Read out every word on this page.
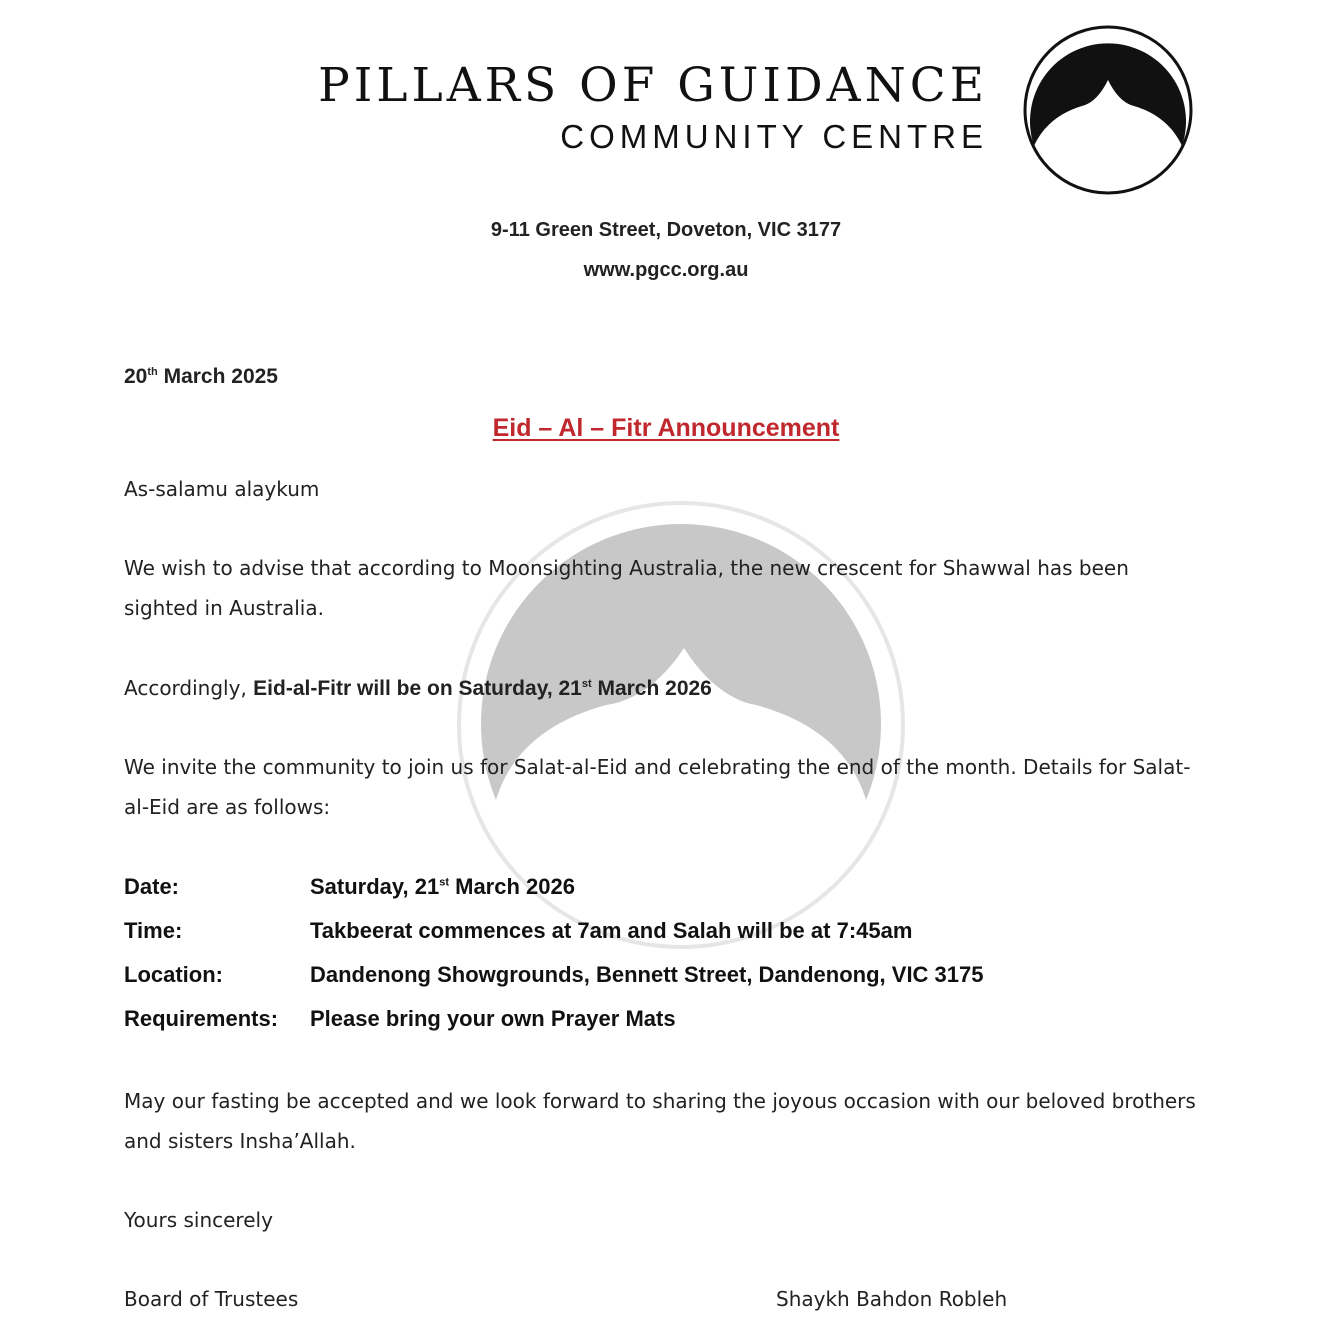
PILLARS OF GUIDANCE
COMMUNITY CENTRE
9-11 Green Street, Doveton, VIC 3177
www.pgcc.org.au
20th March 2025
Eid – Al – Fitr Announcement
As-salamu alaykum
We wish to advise that according to Moonsighting Australia, the new crescent for Shawwal has been sighted in Australia.
Accordingly, Eid-al-Fitr will be on Saturday, 21st March 2026
We invite the community to join us for Salat-al-Eid and celebrating the end of the month. Details for Salat-al-Eid are as follows:
Date:	Saturday, 21st March 2026
Time:	Takbeerat commences at 7am and Salah will be at 7:45am
Location:	Dandenong Showgrounds, Bennett Street, Dandenong, VIC 3175
Requirements: Please bring your own Prayer Mats
May our fasting be accepted and we look forward to sharing the joyous occasion with our beloved brothers and sisters Insha’Allah.
Yours sincerely
Board of Trustees	Shaykh Bahdon Robleh
